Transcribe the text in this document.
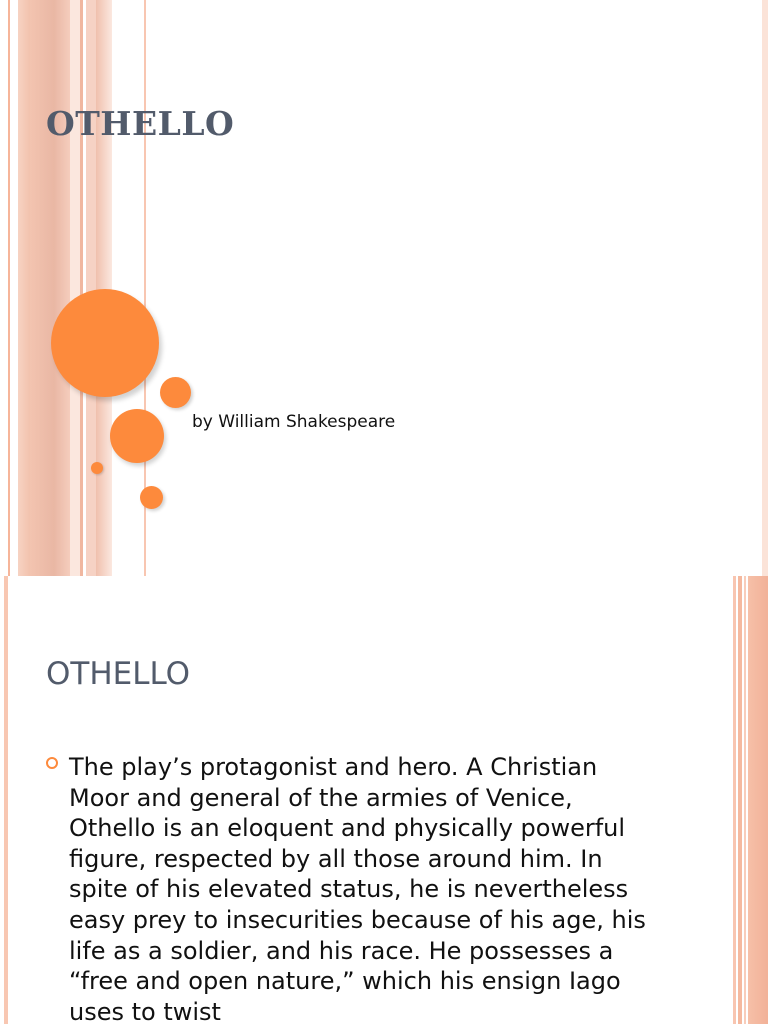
OTHELLO

by William Shakespeare

OTHELLO

The play’s protagonist and hero. A Christian Moor and general of the armies of Venice, Othello is an eloquent and physically powerful figure, respected by all those around him. In spite of his elevated status, he is nevertheless easy prey to insecurities because of his age, his life as a soldier, and his race. He possesses a “free and open nature,” which his ensign Iago uses to twist
